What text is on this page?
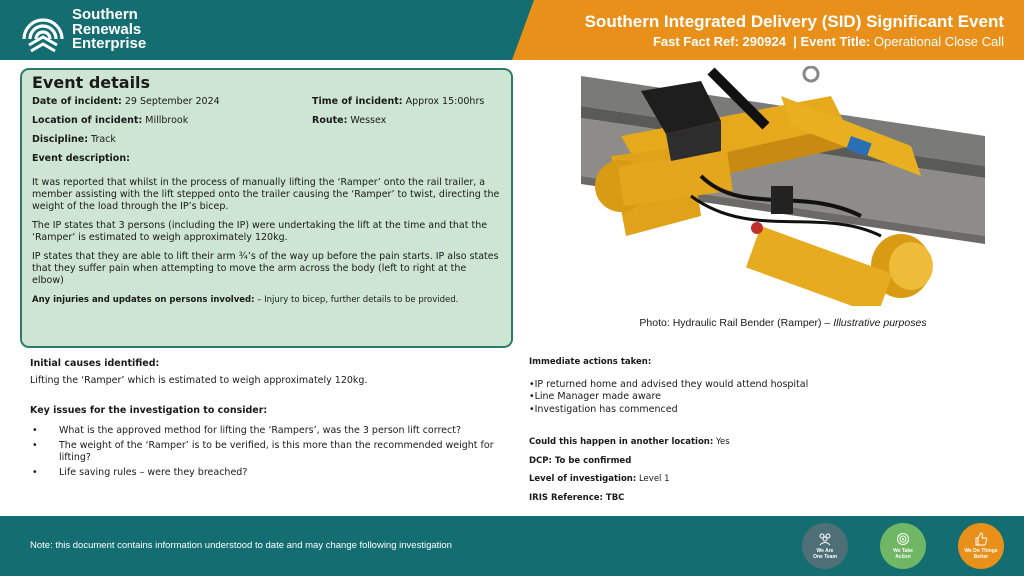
Southern
Renewals
Enterprise
Southern Integrated Delivery (SID) Significant Event
Fast Fact Ref: 290924 | Event Title: Operational Close Call
Event details
Date of incident: 29 September 2024	Time of incident: Approx 15:00hrs
Location of incident: Millbrook	Route: Wessex
Discipline: Track
Event description:
It was reported that whilst in the process of manually lifting the ‘Ramper’ onto the rail trailer, a member assisting with the lift stepped onto the trailer causing the ‘Ramper’ to twist, directing the weight of the load through the IP’s bicep.
The IP states that 3 persons (including the IP) were undertaking the lift at the time and that the ‘Ramper’ is estimated to weigh approximately 120kg.
IP states that they are able to lift their arm ¾’s of the way up before the pain starts. IP also states that they suffer pain when attempting to move the arm across the body (left to right at the elbow)
Any injuries and updates on persons involved: – Injury to bicep, further details to be provided.
Photo: Hydraulic Rail Bender (Ramper) – Illustrative purposes
Initial causes identified:
Lifting the ‘Ramper’ which is estimated to weigh approximately 120kg.
Key issues for the investigation to consider:
• What is the approved method for lifting the ‘Rampers’, was the 3 person lift correct?
• The weight of the ‘Ramper’ is to be verified, is this more than the recommended weight for lifting?
• Life saving rules – were they breached?
Immediate actions taken:
•IP returned home and advised they would attend hospital
•Line Manager made aware
•Investigation has commenced
Could this happen in another location: Yes
DCP: To be confirmed
Level of investigation: Level 1
IRIS Reference: TBC
Note: this document contains information understood to date and may change following investigation	We Are
One Team
We Take
Action
We Do Things
Better
